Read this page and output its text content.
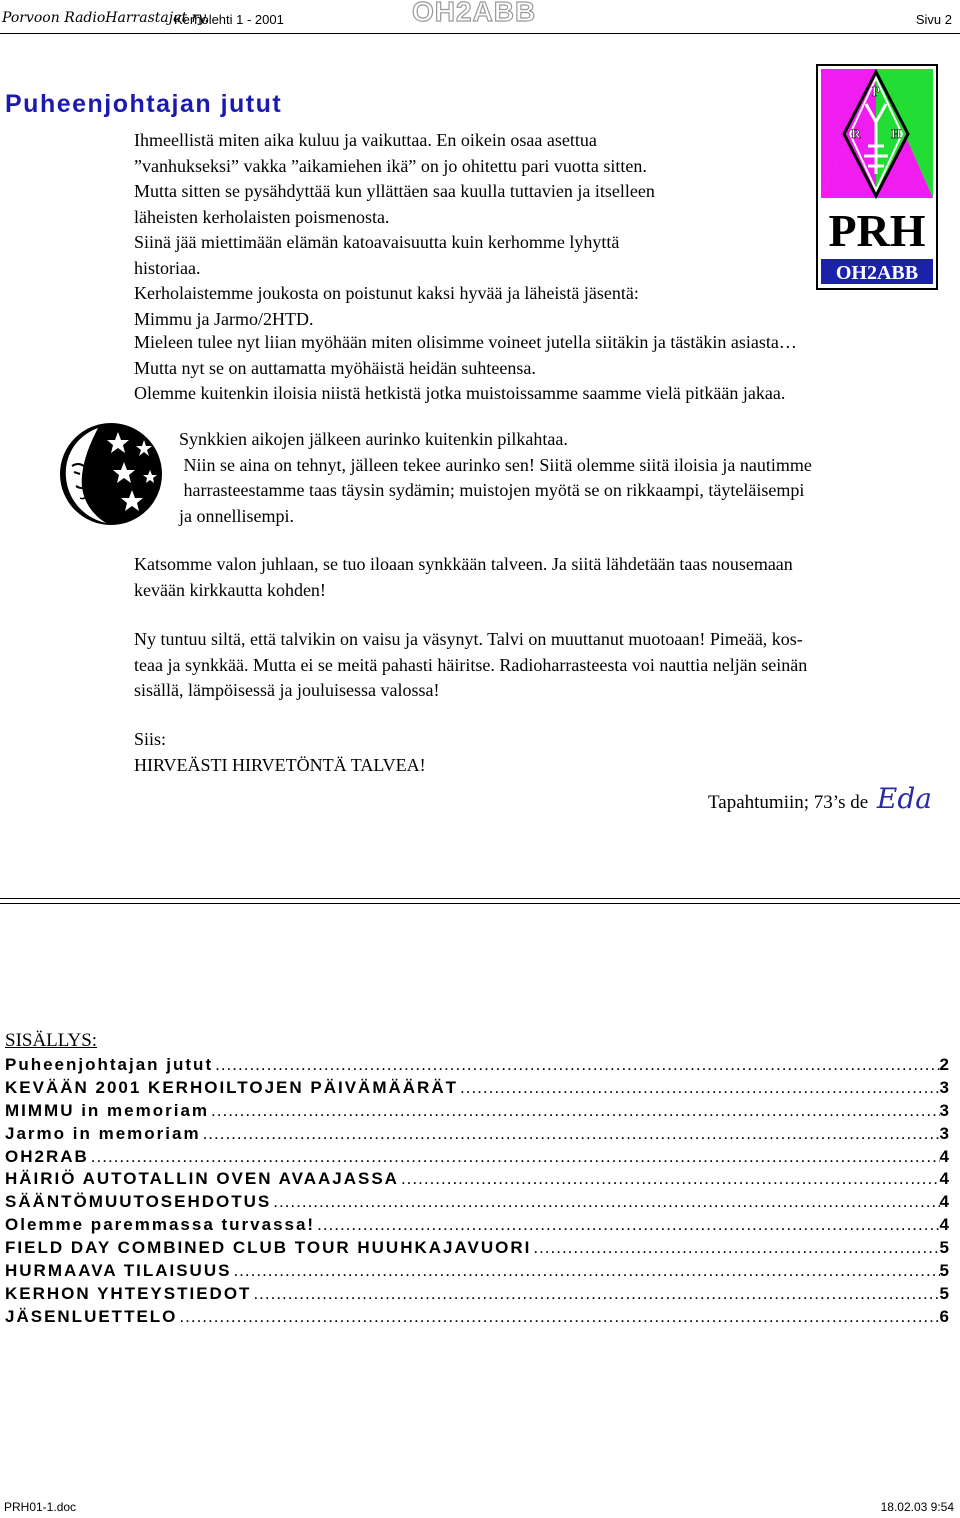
Porvoon RadioHarrastajat ry.
Kerholehti 1 - 2001	OH2ABB	Sivu 2
P
R H
PRH
OH2ABB
Puheenjohtajan jutut
Ihmeellistä miten aika kuluu ja vaikuttaa. En oikein osaa asettua
”vanhukseksi” vakka ”aikamiehen ikä” on jo ohitettu pari vuotta sitten.
Mutta sitten se pysähdyttää kun yllättäen saa kuulla tuttavien ja itselleen
läheisten kerholaisten poismenosta.
Siinä jää miettimään elämän katoavaisuutta kuin kerhomme lyhyttä
historiaa.
Kerholaistemme joukosta on poistunut kaksi hyvää ja läheistä jäsentä:
Mimmu ja Jarmo/2HTD.
Mieleen tulee nyt liian myöhään miten olisimme voineet jutella siitäkin ja tästäkin asiasta…
Mutta nyt se on auttamatta myöhäistä heidän suhteensa.
Olemme kuitenkin iloisia niistä hetkistä jotka muistoissamme saamme vielä pitkään jakaa.
Synkkien aikojen jälkeen aurinko kuitenkin pilkahtaa.
Niin se aina on tehnyt, jälleen tekee aurinko sen! Siitä olemme siitä iloisia ja nautimme
harrasteestamme taas täysin sydämin; muistojen myötä se on rikkaampi, täyteläisempi
ja onnellisempi.
Katsomme valon juhlaan, se tuo iloaan synkkään talveen. Ja siitä lähdetään taas nousemaan
kevään kirkkautta kohden!
Ny tuntuu siltä, että talvikin on vaisu ja väsynyt. Talvi on muuttanut muotoaan! Pimeää, kos-
teaa ja synkkää. Mutta ei se meitä pahasti häiritse. Radioharrasteesta voi nauttia neljän seinän
sisällä, lämpöisessä ja jouluisessa valossa!
Siis:
HIRVEÄSTI HIRVETÖNTÄ TALVEA!
Tapahtumiin; 73’s de Eda
SISÄLLYS:
Puheenjohtajan jutut .....	2
KEVÄÄN 2001 KERHOILTOJEN PÄIVÄMÄÄRÄT .....	3
MIMMU in memoriam .....	3
Jarmo in memoriam .....	3
OH2RAB .....	4
HÄIRIÖ AUTOTALLIN OVEN AVAAJASSA .....	4
SÄÄNTÖMUUTOSEHDOTUS .....	4
Olemme paremmassa turvassa! .....	4
FIELD DAY COMBINED CLUB TOUR HUUHKAJAVUORI .....	5
HURMAAVA TILAISUUS .....	5
KERHON YHTEYSTIEDOT .....	5
JÄSENLUETTELO .....	6
PRH01-1.doc	18.02.03 9:54
